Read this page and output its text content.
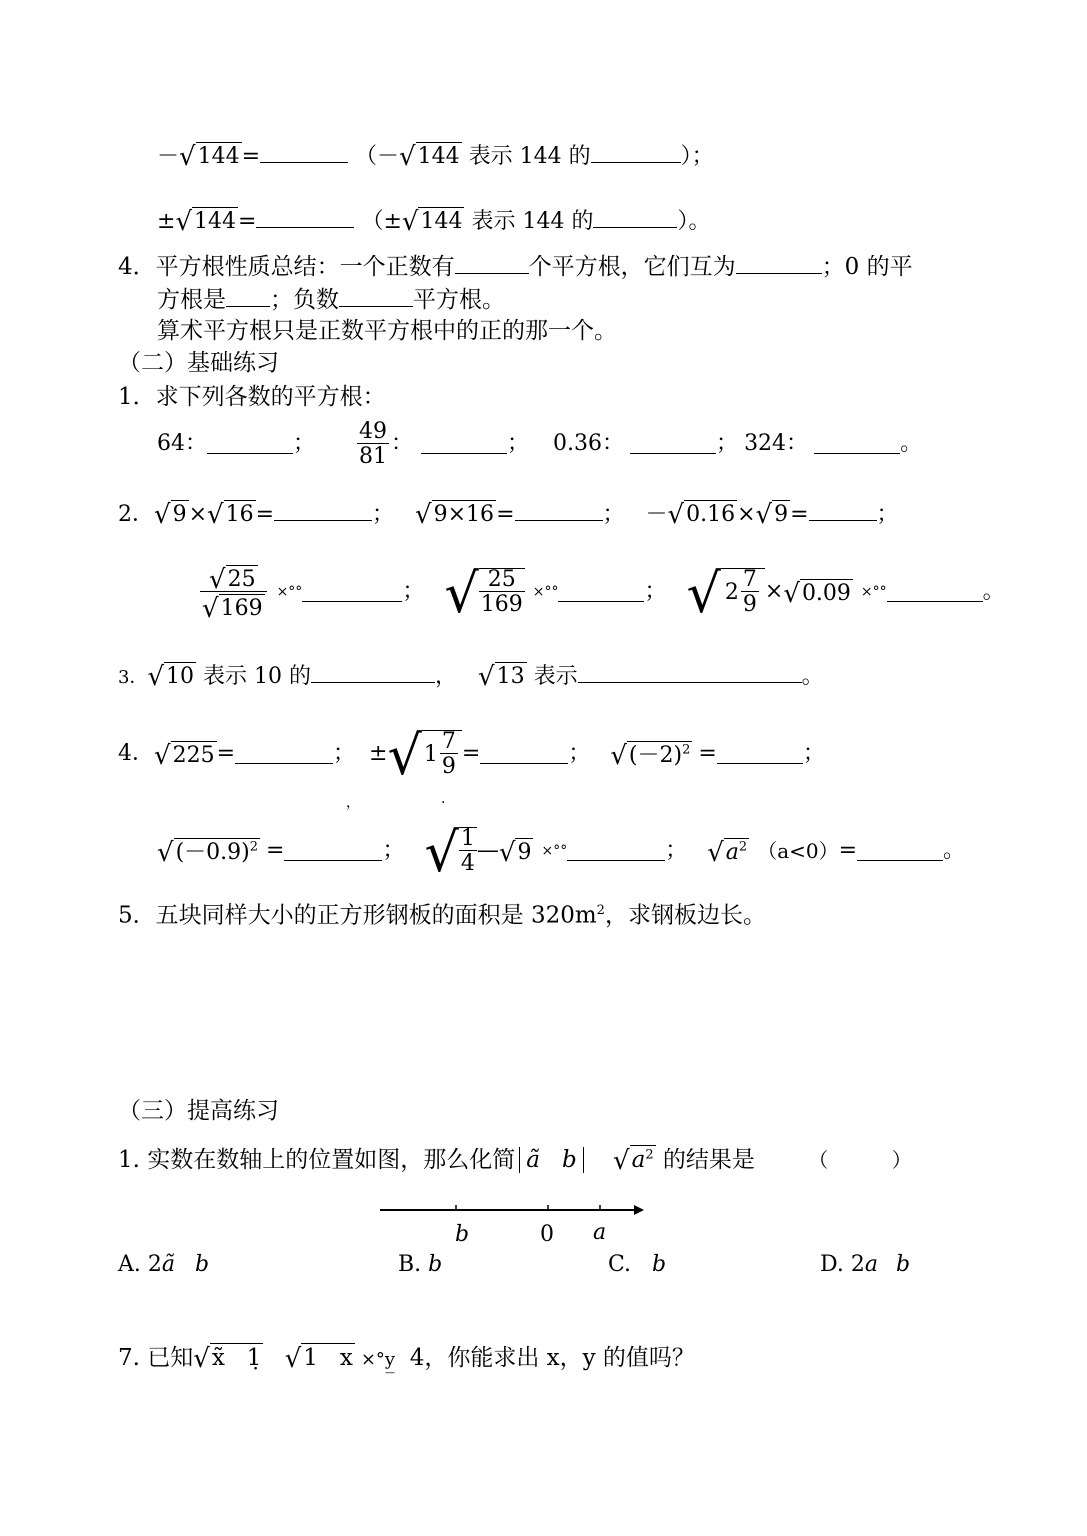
－√144=	（－√144 表示 144 的	）；
±√144=	（±√144 表示 144 的	）。
4．平方根性质总结：一个正数有	个平方根，它们互为	；0 的平
方根是 ；负数	平方根。
算术平方根只是正数平方根中的正的那一个。
（二）基础练习
1．求下列各数的平方根：
64：	； $\frac{49}{81}$ ：	； 0.36：	； 324：	。
2．√9×√16=	； √9×16=	； －√0.16×√9=	；
$\frac{√25}{√169}$ ×°°	； √ $\frac{25}{169}$ ×°°	； √ $2 \frac{7}{9} \times √0.09$ ×°°	。
3．√10 表示 10 的	， √13 表示	。
4． √225 =	； ± √ $1 \frac{7}{9}$ =	； $√(-2)^2$ =	；
，	.
$√(-0.9)^2$ =	； √ $\frac{1}{4}$ — √9 ×°°	； $√a^2$ （a<0） =	。
5．五块同样大小的正方形钢板的面积是 $320m^2$，求钢板边长。
（三）提高练习
1. 实数在数轴上的位置如图，那么化简 ã b $√a^2$ 的结果是	（          ）
b	0 a
A. 2ã b	B. b	C. b	D. 2a b
7. 已知√x̃   1̣ √1   x ×°y̲  4，你能求出 x，y 的值吗？
